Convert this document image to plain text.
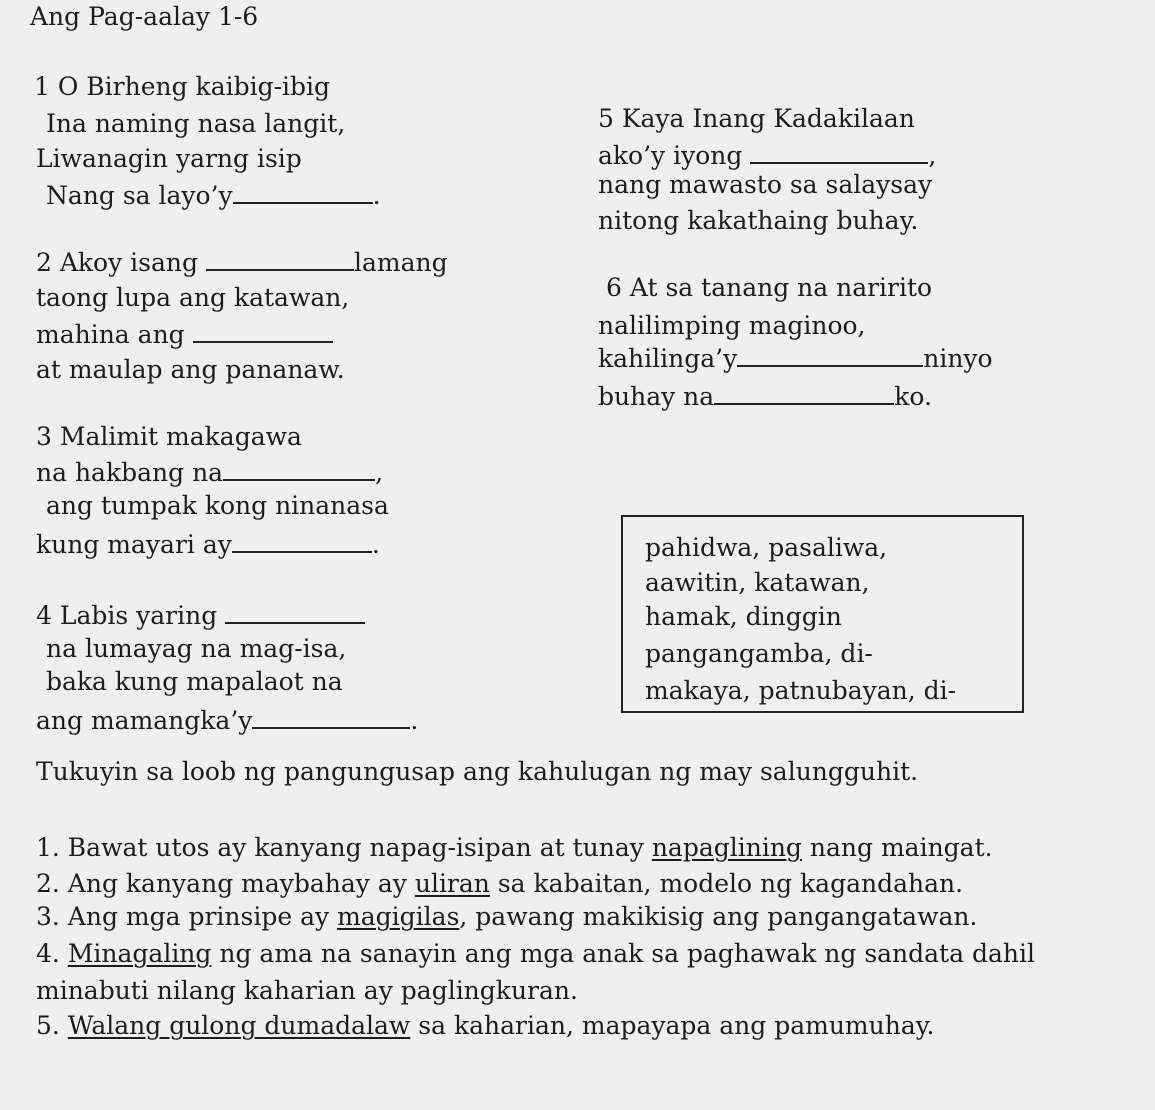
Ang Pag-aalay 1-6
1 O Birheng kaibig-ibig
Ina naming nasa langit,
Liwanagin yarng isip
Nang sa layo’y	.
2 Akoy isang	lamang
taong lupa ang katawan,
mahina ang
at maulap ang pananaw.
3 Malimit makagawa
na hakbang na	,
ang tumpak kong ninanasa
kung mayari ay	.
4 Labis yaring
na lumayag na mag-isa,
baka kung mapalaot na
ang mamangka’y	.
5 Kaya Inang Kadakilaan
ako’y iyong	,
nang mawasto sa salaysay
nitong kakathaing buhay.
6 At sa tanang na naririto
nalilimping maginoo,
kahilinga’y	ninyo
buhay na	ko.
pahidwa, pasaliwa,
aawitin, katawan,
hamak, dinggin
pangangamba, di-
makaya, patnubayan, di-
Tukuyin sa loob ng pangungusap ang kahulugan ng may salungguhit.
1. Bawat utos ay kanyang napag-isipan at tunay napaglining nang maingat.
2. Ang kanyang maybahay ay uliran sa kabaitan, modelo ng kagandahan.
3. Ang mga prinsipe ay magigilas, pawang makikisig ang pangangatawan.
4. Minagaling ng ama na sanayin ang mga anak sa paghawak ng sandata dahil
minabuti nilang kaharian ay paglingkuran.
5. Walang gulong dumadalaw sa kaharian, mapayapa ang pamumuhay.
